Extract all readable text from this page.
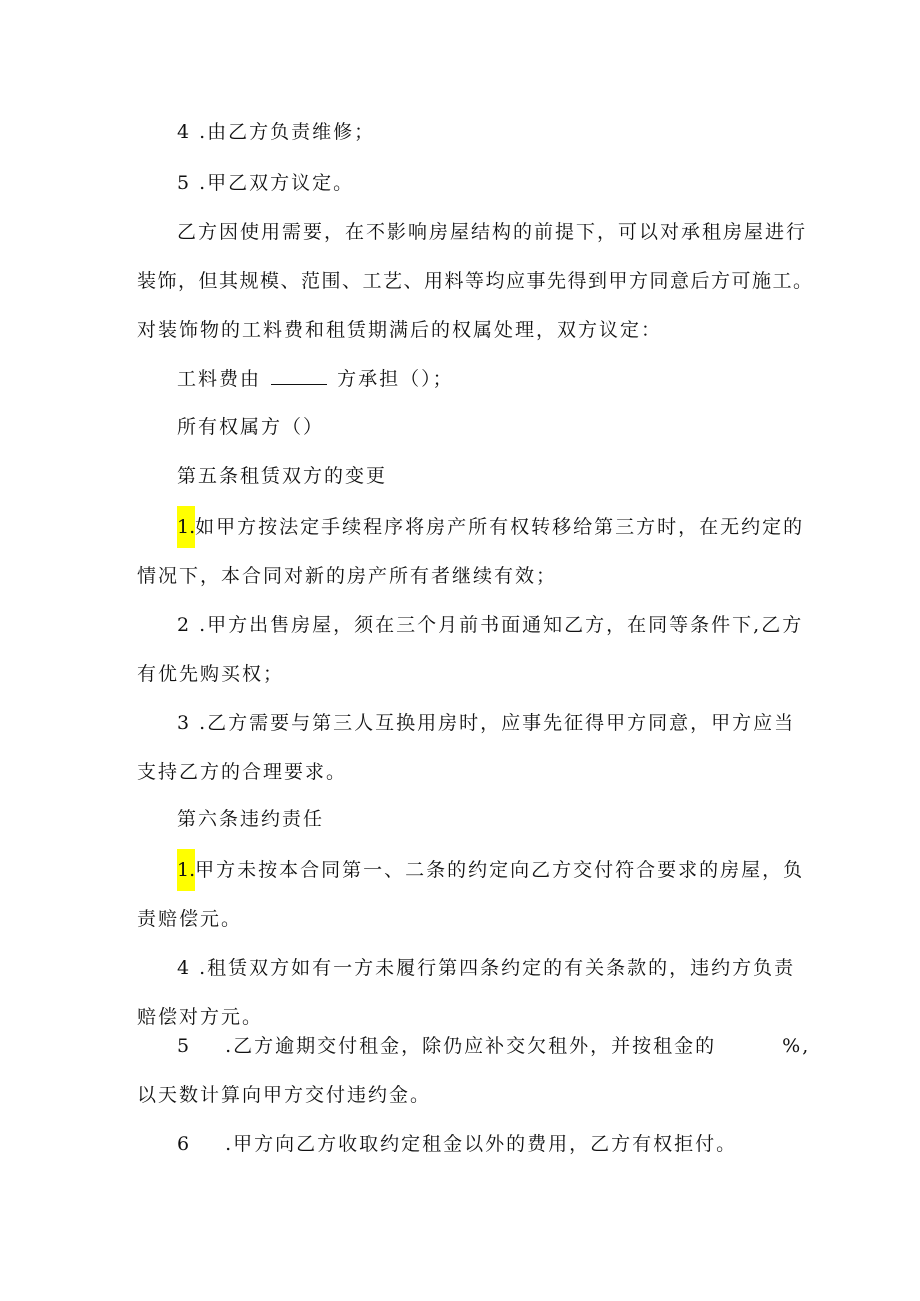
4 .由乙方负责维修；
5 .甲乙双方议定。
乙方因使用需要，在不影响房屋结构的前提下，可以对承租房屋进行
装饰，但其规模、范围、工艺、用料等均应事先得到甲方同意后方可施工。
对装饰物的工料费和租赁期满后的权属处理，双方议定：
工料费由	方承担（）；
所有权属方（）
第五条租赁双方的变更
1.如甲方按法定手续程序将房产所有权转移给第三方时，在无约定的
情况下，本合同对新的房产所有者继续有效；
2 .甲方出售房屋，须在三个月前书面通知乙方，在同等条件下,乙方
有优先购买权；
3 .乙方需要与第三人互换用房时，应事先征得甲方同意，甲方应当
支持乙方的合理要求。
第六条违约责任
1.甲方未按本合同第一、二条的约定向乙方交付符合要求的房屋，负
责赔偿元。
4 .租赁双方如有一方未履行第四条约定的有关条款的，违约方负责
赔偿对方元。
5 .乙方逾期交付租金，除仍应补交欠租外，并按租金的	%,
以天数计算向甲方交付违约金。
6 .甲方向乙方收取约定租金以外的费用，乙方有权拒付。
